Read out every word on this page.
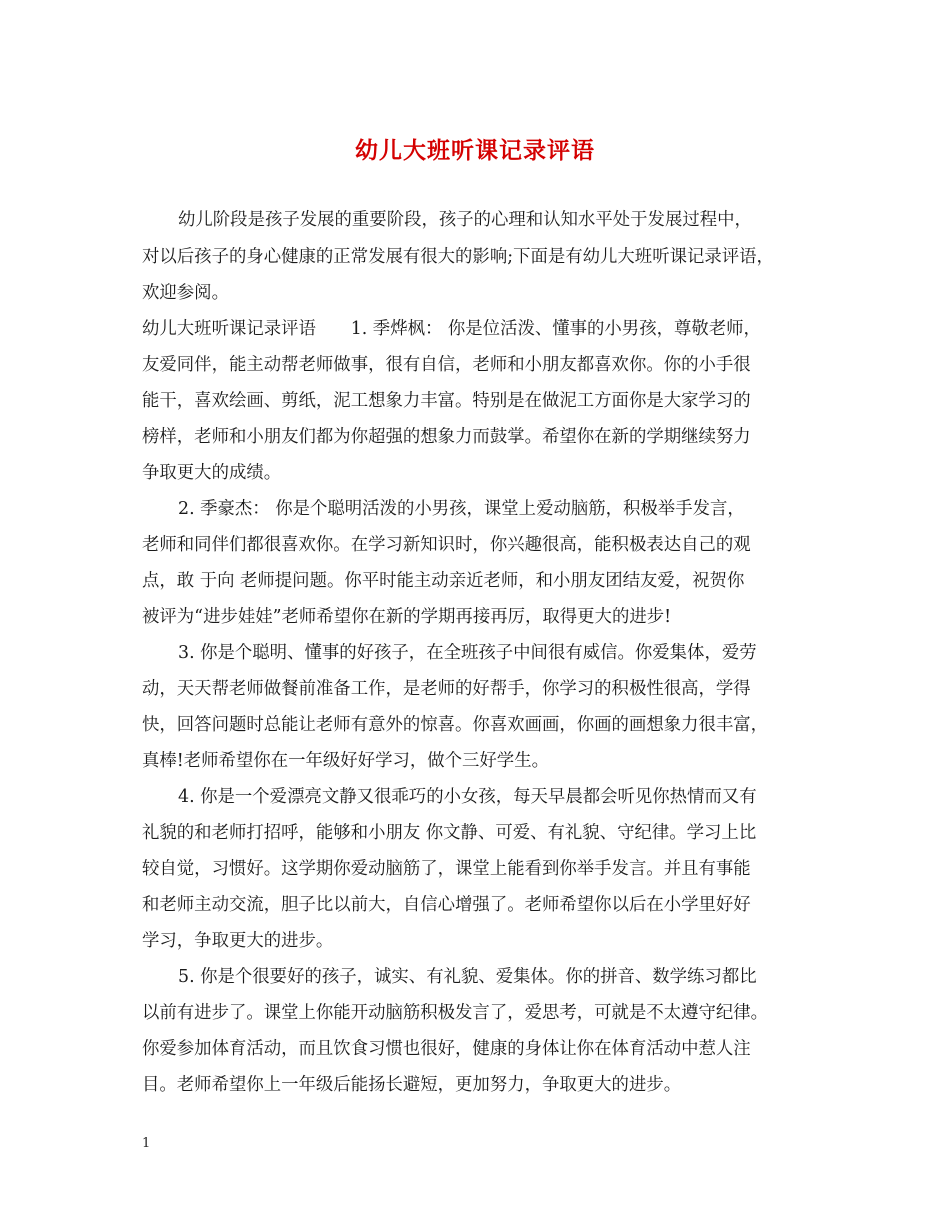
幼儿大班听课记录评语
幼儿阶段是孩子发展的重要阶段，孩子的心理和认知水平处于发展过程中，
对以后孩子的身心健康的正常发展有很大的影响;下面是有幼儿大班听课记录评语，
欢迎参阅。
幼儿大班听课记录评语　　1. 季烨枫： 你是位活泼、懂事的小男孩，尊敬老师，
友爱同伴，能主动帮老师做事，很有自信，老师和小朋友都喜欢你。你的小手很
能干，喜欢绘画、剪纸，泥工想象力丰富。特别是在做泥工方面你是大家学习的
榜样，老师和小朋友们都为你超强的想象力而鼓掌。希望你在新的学期继续努力
争取更大的成绩。
2. 季豪杰： 你是个聪明活泼的小男孩，课堂上爱动脑筋，积极举手发言，
老师和同伴们都很喜欢你。在学习新知识时，你兴趣很高，能积极表达自己的观
点，敢 于向 老师提问题。你平时能主动亲近老师，和小朋友团结友爱，祝贺你
被评为“进步娃娃”老师希望你在新的学期再接再厉，取得更大的进步!
3. 你是个聪明、懂事的好孩子，在全班孩子中间很有威信。你爱集体，爱劳
动，天天帮老师做餐前准备工作，是老师的好帮手，你学习的积极性很高，学得
快，回答问题时总能让老师有意外的惊喜。你喜欢画画，你画的画想象力很丰富，
真棒!老师希望你在一年级好好学习，做个三好学生。
4. 你是一个爱漂亮文静又很乖巧的小女孩，每天早晨都会听见你热情而又有
礼貌的和老师打招呼，能够和小朋友 你文静、可爱、有礼貌、守纪律。学习上比
较自觉，习惯好。这学期你爱动脑筋了，课堂上能看到你举手发言。并且有事能
和老师主动交流，胆子比以前大，自信心增强了。老师希望你以后在小学里好好
学习，争取更大的进步。
5. 你是个很要好的孩子，诚实、有礼貌、爱集体。你的拼音、数学练习都比
以前有进步了。课堂上你能开动脑筋积极发言了，爱思考，可就是不太遵守纪律。
你爱参加体育活动，而且饮食习惯也很好，健康的身体让你在体育活动中惹人注
目。老师希望你上一年级后能扬长避短，更加努力，争取更大的进步。
1
